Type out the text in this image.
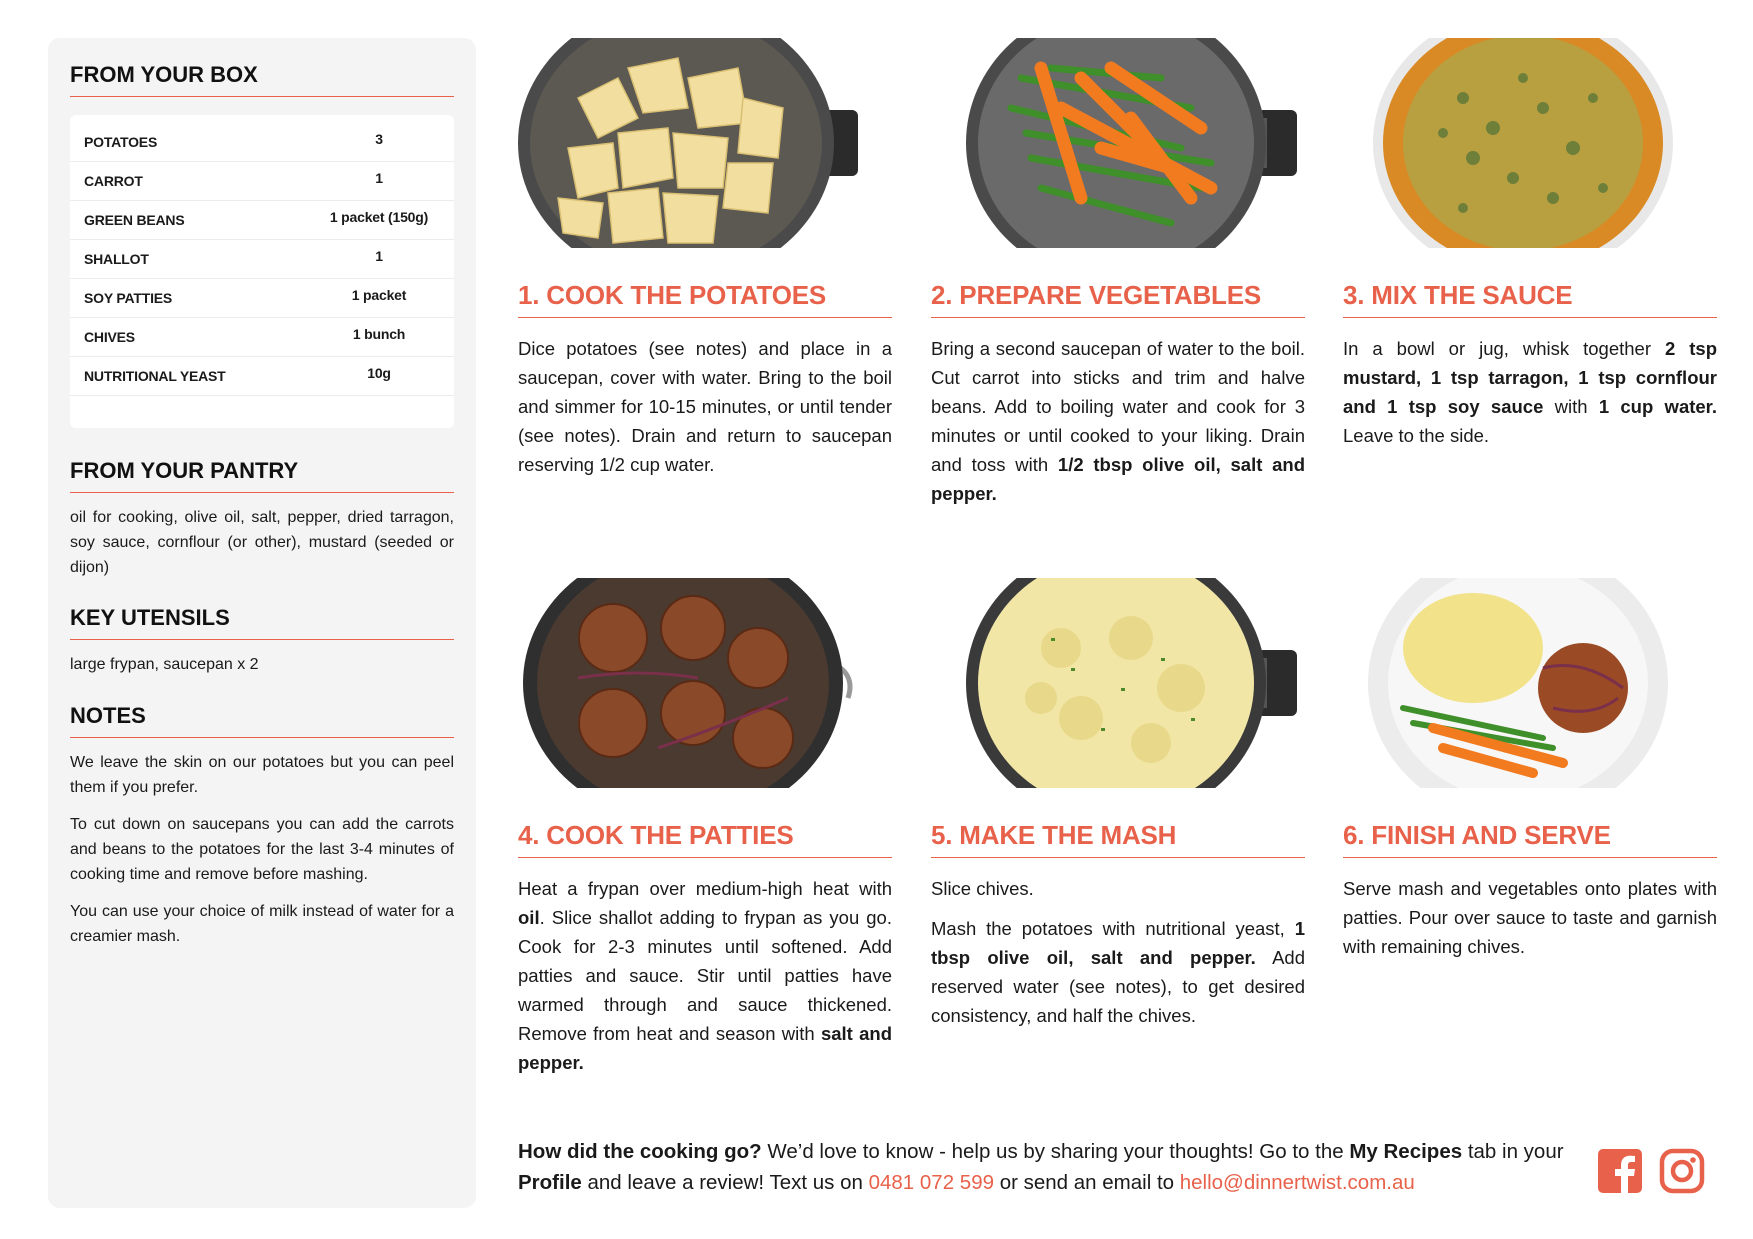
FROM YOUR BOX
POTATOES	3
CARROT	1
GREEN BEANS	1 packet (150g)
SHALLOT	1
SOY PATTIES	1 packet
CHIVES	1 bunch
NUTRITIONAL YEAST	10g
FROM YOUR PANTRY

oil for cooking, olive oil, salt, pepper, dried tarragon, soy sauce, cornflour (or other), mustard (seeded or dijon)

KEY UTENSILS

large frypan, saucepan x 2

NOTES

We leave the skin on our potatoes but you can peel them if you prefer.

To cut down on saucepans you can add the carrots and beans to the potatoes for the last 3-4 minutes of cooking time and remove before mashing.

You can use your choice of milk instead of water for a creamier mash.

1. COOK THE POTATOES

Dice potatoes (see notes) and place in a saucepan, cover with water. Bring to the boil and simmer for 10-15 minutes, or until tender (see notes). Drain and return to saucepan reserving 1/2 cup water.

2. PREPARE VEGETABLES

Bring a second saucepan of water to the boil. Cut carrot into sticks and trim and halve beans. Add to boiling water and cook for 3 minutes or until cooked to your liking. Drain and toss with 1/2 tbsp olive oil, salt and pepper.

3. MIX THE SAUCE

In a bowl or jug, whisk together 2 tsp mustard, 1 tsp tarragon, 1 tsp cornflour and 1 tsp soy sauce with 1 cup water. Leave to the side.

4. COOK THE PATTIES

Heat a frypan over medium-high heat with oil. Slice shallot adding to frypan as you go. Cook for 2-3 minutes until softened. Add patties and sauce. Stir until patties have warmed through and sauce thickened. Remove from heat and season with salt and pepper.

5. MAKE THE MASH

Slice chives.

Mash the potatoes with nutritional yeast, 1 tbsp olive oil, salt and pepper. Add reserved water (see notes), to get desired consistency, and half the chives.

6. FINISH AND SERVE

Serve mash and vegetables onto plates with patties. Pour over sauce to taste and garnish with remaining chives.

How did the cooking go? We’d love to know - help us by sharing your thoughts! Go to the My Recipes tab in your Profile and leave a review! Text us on 0481 072 599 or send an email to hello@dinnertwist.com.au
